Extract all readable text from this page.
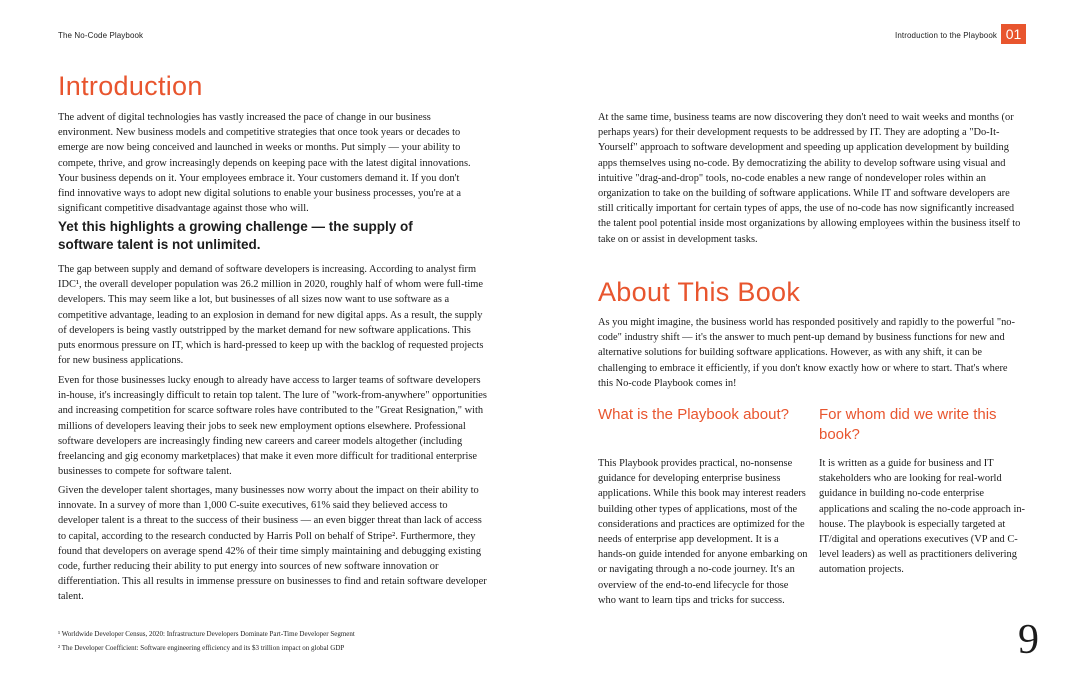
The No-Code Playbook	Introduction to the Playbook 01
Introduction

The advent of digital technologies has vastly increased the pace of change in our business environment. New business models and competitive strategies that once took years or decades to emerge are now being conceived and launched in weeks or months. Put simply — your ability to compete, thrive, and grow increasingly depends on keeping pace with the latest digital innovations. Your business depends on it. Your employees embrace it. Your customers demand it. If you don't find innovative ways to adopt new digital solutions to enable your business processes, you're at a significant competitive disadvantage against those who will.

Yet this highlights a growing challenge — the supply of software talent is not unlimited.

The gap between supply and demand of software developers is increasing. According to analyst firm IDC¹, the overall developer population was 26.2 million in 2020, roughly half of whom were full-time developers. This may seem like a lot, but businesses of all sizes now want to use software as a competitive advantage, leading to an explosion in demand for new digital apps. As a result, the supply of developers is being vastly outstripped by the market demand for new software applications. This puts enormous pressure on IT, which is hard-pressed to keep up with the backlog of requested projects for new business applications.

Even for those businesses lucky enough to already have access to larger teams of software developers in-house, it's increasingly difficult to retain top talent. The lure of "work-from-anywhere" opportunities and increasing competition for scarce software roles have contributed to the "Great Resignation," with millions of developers leaving their jobs to seek new employment options elsewhere. Professional software developers are increasingly finding new careers and career models altogether (including freelancing and gig economy marketplaces) that make it even more difficult for traditional enterprise businesses to compete for software talent.

Given the developer talent shortages, many businesses now worry about the impact on their ability to innovate. In a survey of more than 1,000 C-suite executives, 61% said they believed access to developer talent is a threat to the success of their business — an even bigger threat than lack of access to capital, according to the research conducted by Harris Poll on behalf of Stripe². Furthermore, they found that developers on average spend 42% of their time simply maintaining and debugging existing code, further reducing their ability to put energy into sources of new software innovation or differentiation. This all results in immense pressure on businesses to find and retain software developer talent.

¹ Worldwide Developer Census, 2020: Infrastructure Developers Dominate Part-Time Developer Segment
² The Developer Coefficient: Software engineering efficiency and its $3 trillion impact on global GDP

At the same time, business teams are now discovering they don't need to wait weeks and months (or perhaps years) for their development requests to be addressed by IT. They are adopting a "Do-It-Yourself" approach to software development and speeding up application development by building apps themselves using no-code. By democratizing the ability to develop software using visual and intuitive "drag-and-drop" tools, no-code enables a new range of nondeveloper roles within an organization to take on the building of software applications. While IT and software developers are still critically important for certain types of apps, the use of no-code has now significantly increased the talent pool potential inside most organizations by allowing employees within the business itself to take on or assist in development tasks.

About This Book

As you might imagine, the business world has responded positively and rapidly to the powerful "no-code" industry shift — it's the answer to much pent-up demand by business functions for new and alternative solutions for building software applications. However, as with any shift, it can be challenging to embrace it efficiently, if you don't know exactly how or where to start. That's where this No-code Playbook comes in!

What is the Playbook about?

This Playbook provides practical, no-nonsense guidance for developing enterprise business applications. While this book may interest readers building other types of applications, most of the considerations and practices are optimized for the needs of enterprise app development. It is a hands-on guide intended for anyone embarking on or navigating through a no-code journey. It's an overview of the end-to-end lifecycle for those who want to learn tips and tricks for success.

For whom did we write this book?

It is written as a guide for business and IT stakeholders who are looking for real-world guidance in building no-code enterprise applications and scaling the no-code approach in-house. The playbook is especially targeted at IT/digital and operations executives (VP and C-level leaders) as well as practitioners delivering automation projects.

9
